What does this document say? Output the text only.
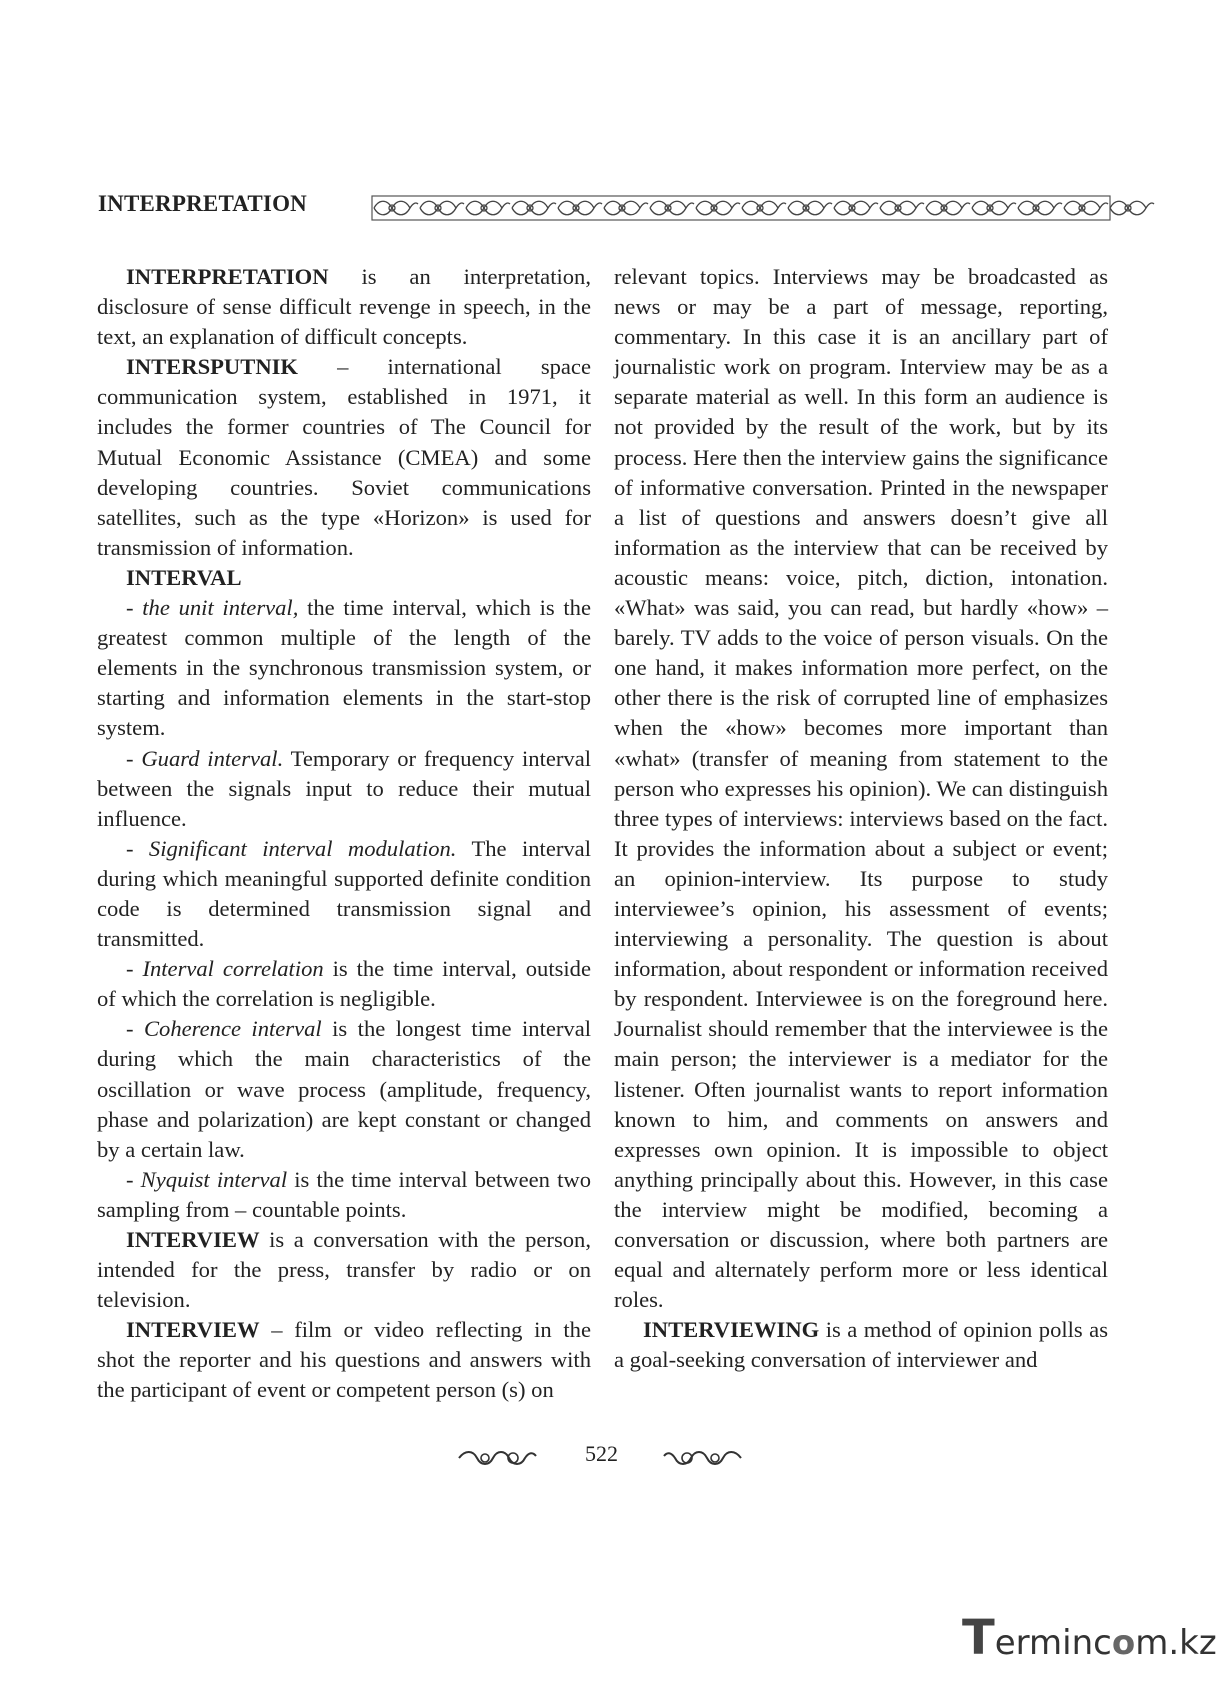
INTERPRETATION

INTERPRETATION is an interpretation, disclosure of sense difficult revenge in speech, in the text, an explanation of difficult concepts.

INTERSPUTNIK – international space communication system, established in 1971, it includes the former countries of The Council for Mutual Economic Assistance (CMEA) and some developing countries. Soviet communications satellites, such as the type «Horizon» is used for transmission of information.

INTERVAL

- the unit interval, the time interval, which is the greatest common multiple of the length of the elements in the synchronous transmission system, or starting and information elements in the start-stop system.

- Guard interval. Temporary or frequency interval between the signals input to reduce their mutual influence.

- Significant interval modulation. The interval during which meaningful supported definite condition code is determined transmission signal and transmitted.

- Interval correlation is the time interval, outside of which the correlation is negligible.

- Coherence interval is the longest time interval during which the main characteristics of the oscillation or wave process (amplitude, frequency, phase and polarization) are kept constant or changed by a certain law.

- Nyquist interval is the time interval between two sampling from – countable points.

INTERVIEW is a conversation with the person, intended for the press, transfer by radio or on television.

INTERVIEW – film or video reflecting in the shot the reporter and his questions and answers with the participant of event or competent person (s) on

relevant topics. Interviews may be broadcasted as news or may be a part of message, reporting, commentary. In this case it is an ancillary part of journalistic work on program. Interview may be as a separate material as well. In this form an audience is not provided by the result of the work, but by its process. Here then the interview gains the significance of informative conversation. Printed in the newspaper a list of questions and answers doesn’t give all information as the interview that can be received by acoustic means: voice, pitch, diction, intonation. «What» was said, you can read, but hardly «how» – barely. TV adds to the voice of person visuals. On the one hand, it makes information more perfect, on the other there is the risk of corrupted line of emphasizes when the «how» becomes more important than «what» (transfer of meaning from statement to the person who expresses his opinion). We can distinguish three types of interviews: interviews based on the fact. It provides the information about a subject or event; an opinion-interview. Its purpose to study interviewee’s opinion, his assessment of events; interviewing a personality. The question is about information, about respondent or information received by respondent. Interviewee is on the foreground here. Journalist should remember that the interviewee is the main person; the interviewer is a mediator for the listener. Often journalist wants to report information known to him, and comments on answers and expresses own opinion. It is impossible to object anything principally about this. However, in this case the interview might be modified, becoming a conversation or discussion, where both partners are equal and alternately perform more or less identical roles.

INTERVIEWING is a method of opinion polls as a goal-seeking conversation of interviewer and

522
Termincom.kz
